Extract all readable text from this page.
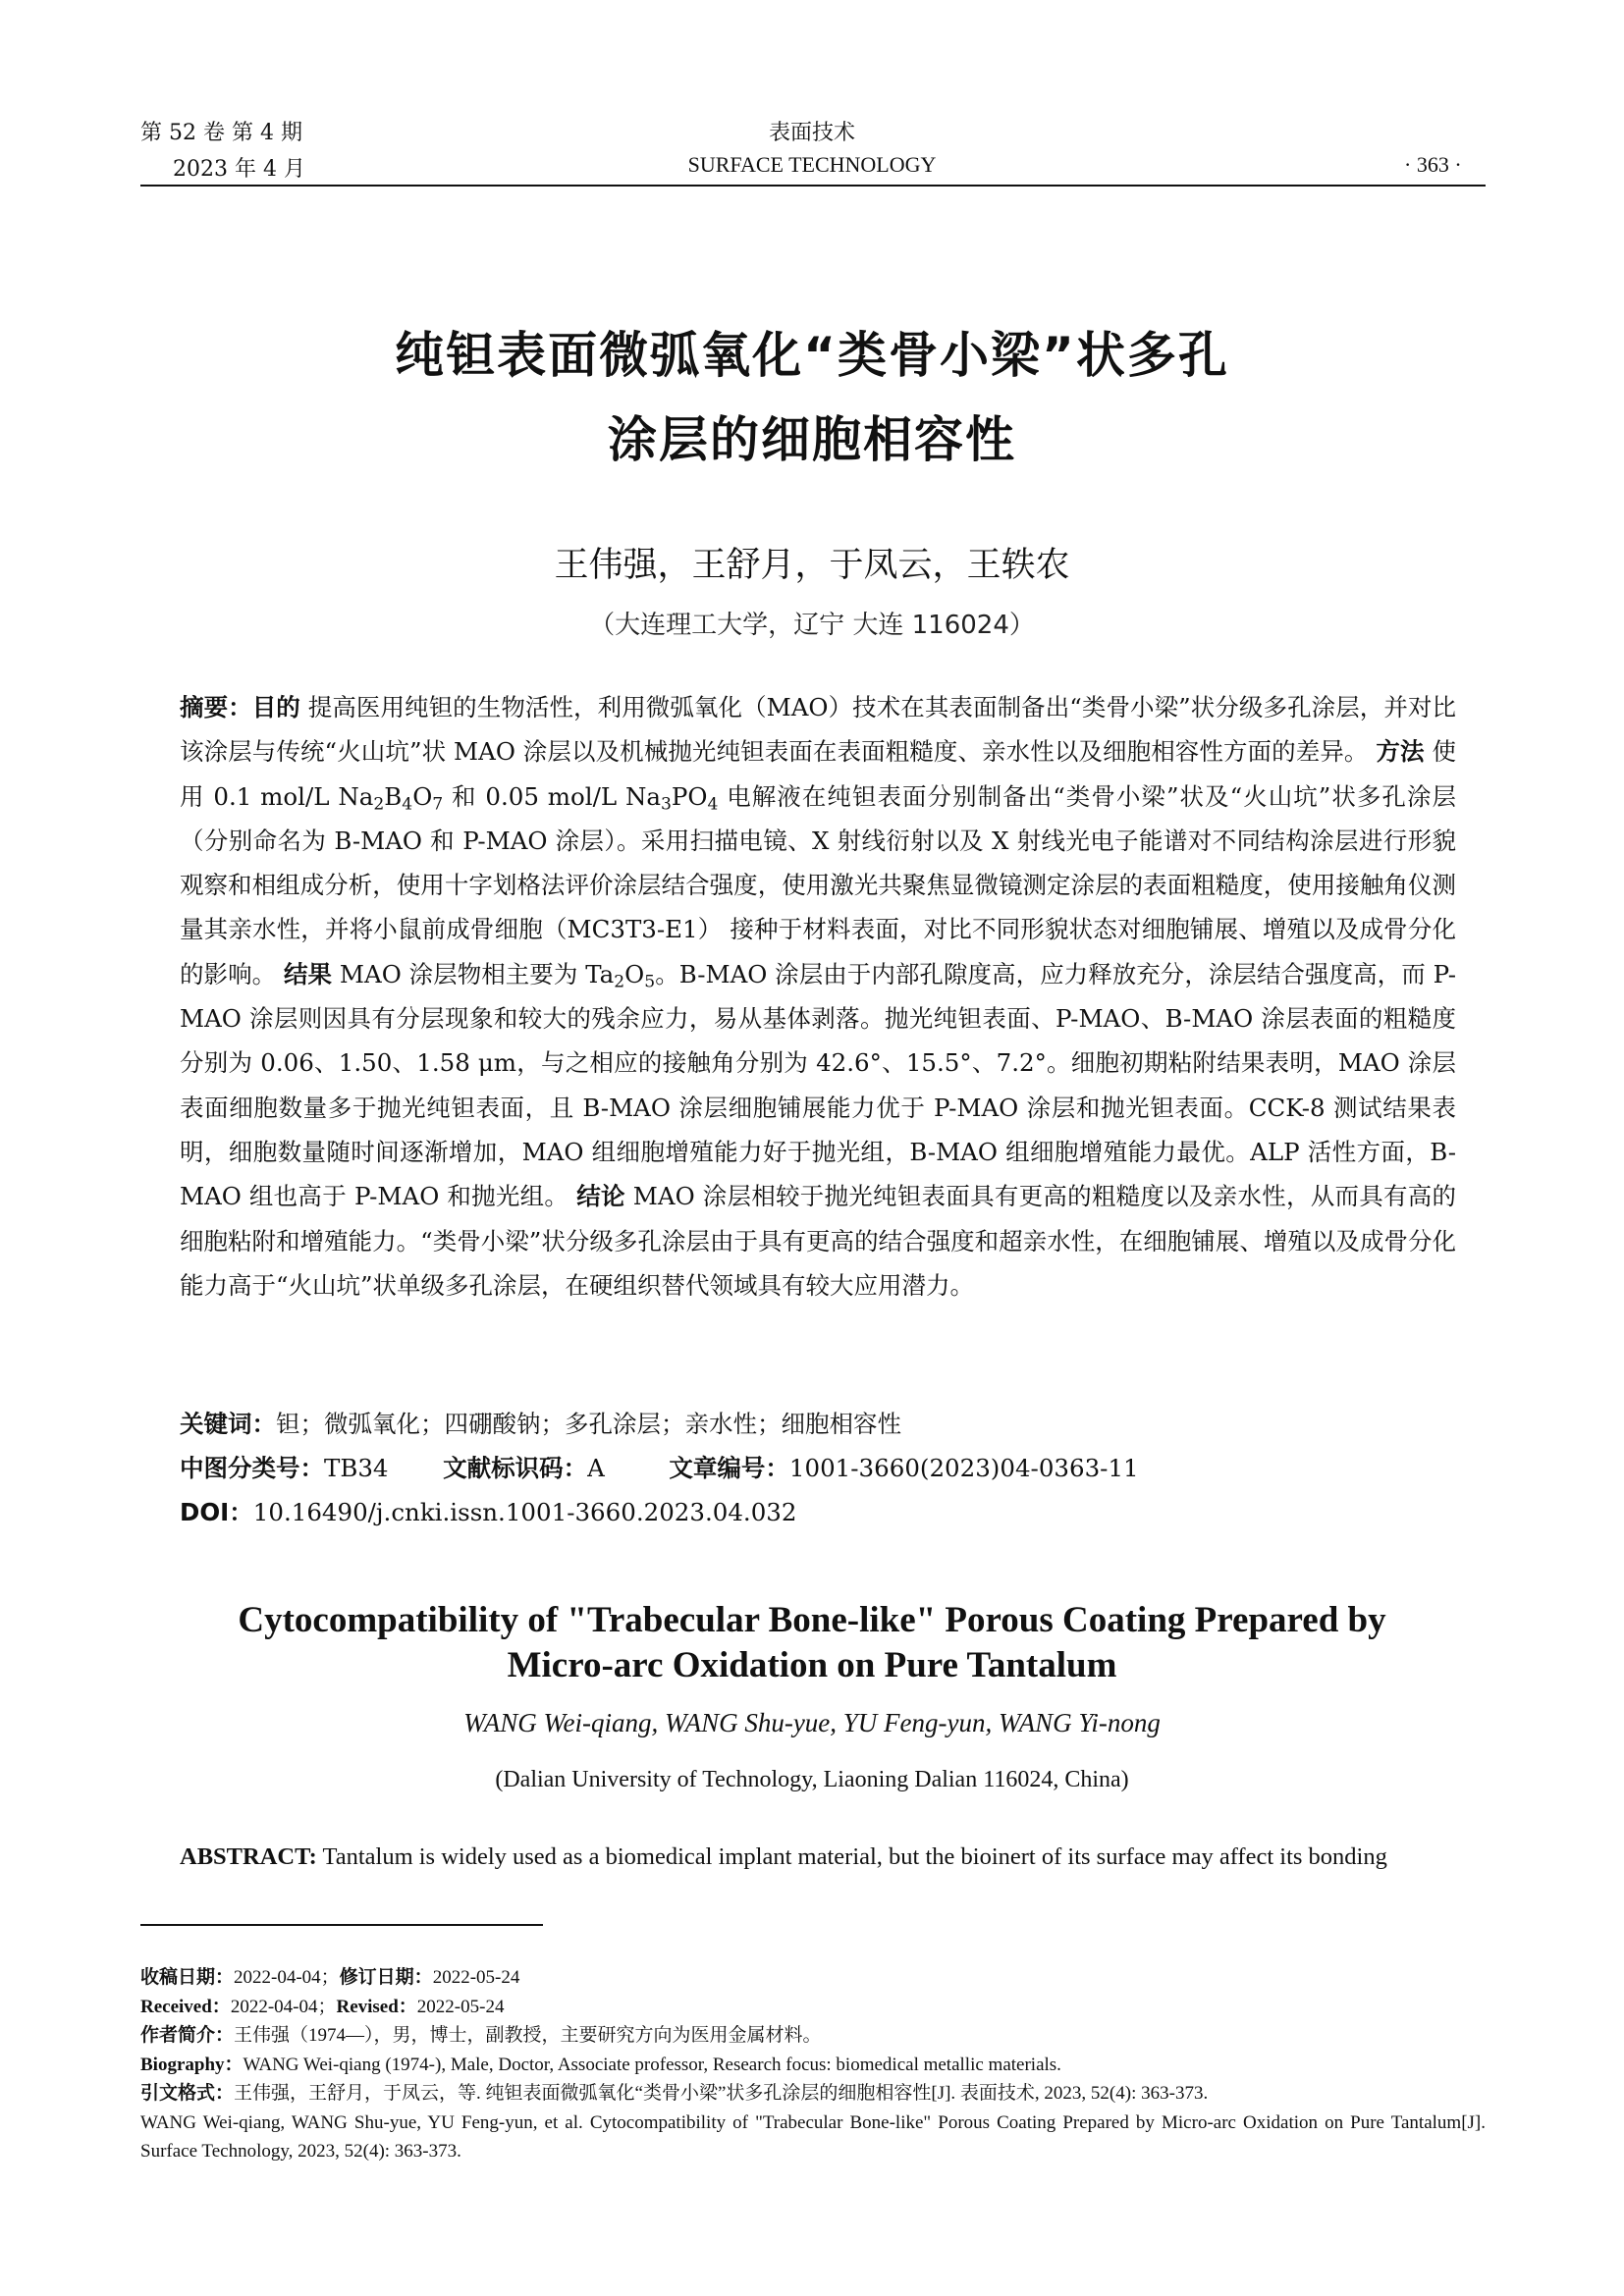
第 52 卷 第 4 期
2023 年 4 月
表面技术
SURFACE TECHNOLOGY	· 363 ·
纯钽表面微弧氧化“类骨小梁”状多孔
涂层的细胞相容性
王伟强，王舒月，于凤云，王轶农
（大连理工大学，辽宁 大连 116024）
摘要：目的 提高医用纯钽的生物活性，利用微弧氧化（MAO）技术在其表面制备出“类骨小梁”状分级多孔涂层，并对比该涂层与传统“火山坑”状 MAO 涂层以及机械抛光纯钽表面在表面粗糙度、亲水性以及细胞相容性方面的差异。 方法 使用 0.1 mol/L $Na_2B_4O_7$ 和 0.05 mol/L $Na_3PO_4$ 电解液在纯钽表面分别制备出“类骨小梁”状及“火山坑”状多孔涂层（分别命名为 B-MAO 和 P-MAO 涂层）。采用扫描电镜、X 射线衍射以及 X 射线光电子能谱对不同结构涂层进行形貌观察和相组成分析，使用十字划格法评价涂层结合强度，使用激光共聚焦显微镜测定涂层的表面粗糙度，使用接触角仪测量其亲水性，并将小鼠前成骨细胞（MC3T3-E1） 接种于材料表面，对比不同形貌状态对细胞铺展、增殖以及成骨分化的影响。 结果 MAO 涂层物相主要为 $Ta_2O_5$。B-MAO 涂层由于内部孔隙度高，应力释放充分，涂层结合强度高，而 P-MAO 涂层则因具有分层现象和较大的残余应力，易从基体剥落。抛光纯钽表面、P-MAO、B-MAO 涂层表面的粗糙度分别为 0.06、1.50、1.58 μm，与之相应的接触角分别为 42.6°、15.5°、7.2°。细胞初期粘附结果表明，MAO 涂层表面细胞数量多于抛光纯钽表面，且 B-MAO 涂层细胞铺展能力优于 P-MAO 涂层和抛光钽表面。CCK-8 测试结果表明，细胞数量随时间逐渐增加，MAO 组细胞增殖能力好于抛光组，B-MAO 组细胞增殖能力最优。ALP 活性方面，B-MAO 组也高于 P-MAO 和抛光组。 结论 MAO 涂层相较于抛光纯钽表面具有更高的粗糙度以及亲水性，从而具有高的细胞粘附和增殖能力。“类骨小梁”状分级多孔涂层由于具有更高的结合强度和超亲水性，在细胞铺展、增殖以及成骨分化能力高于“火山坑”状单级多孔涂层，在硬组织替代领域具有较大应用潜力。
关键词：钽；微弧氧化；四硼酸钠；多孔涂层；亲水性；细胞相容性
中图分类号：TB34 文献标识码：A	文章编号：1001-3660(2023)04-0363-11
DOI：10.16490/j.cnki.issn.1001-3660.2023.04.032
Cytocompatibility of "Trabecular Bone-like" Porous Coating Prepared by
Micro-arc Oxidation on Pure Tantalum
WANG Wei-qiang, WANG Shu-yue, YU Feng-yun, WANG Yi-nong
(Dalian University of Technology, Liaoning Dalian 116024, China)
ABSTRACT: Tantalum is widely used as a biomedical implant material, but the bioinert of its surface may affect its bonding
收稿日期：2022-04-04；修订日期：2022-05-24
Received：2022-04-04；Revised：2022-05-24
作者简介：王伟强（1974—），男，博士，副教授，主要研究方向为医用金属材料。
Biography：WANG Wei-qiang (1974-), Male, Doctor, Associate professor, Research focus: biomedical metallic materials.
引文格式：王伟强，王舒月，于凤云，等. 纯钽表面微弧氧化“类骨小梁”状多孔涂层的细胞相容性[J]. 表面技术, 2023, 52(4): 363-373.
WANG Wei-qiang, WANG Shu-yue, YU Feng-yun, et al. Cytocompatibility of "Trabecular Bone-like" Porous Coating Prepared by Micro-arc Oxidation on Pure Tantalum[J]. Surface Technology, 2023, 52(4): 363-373.
